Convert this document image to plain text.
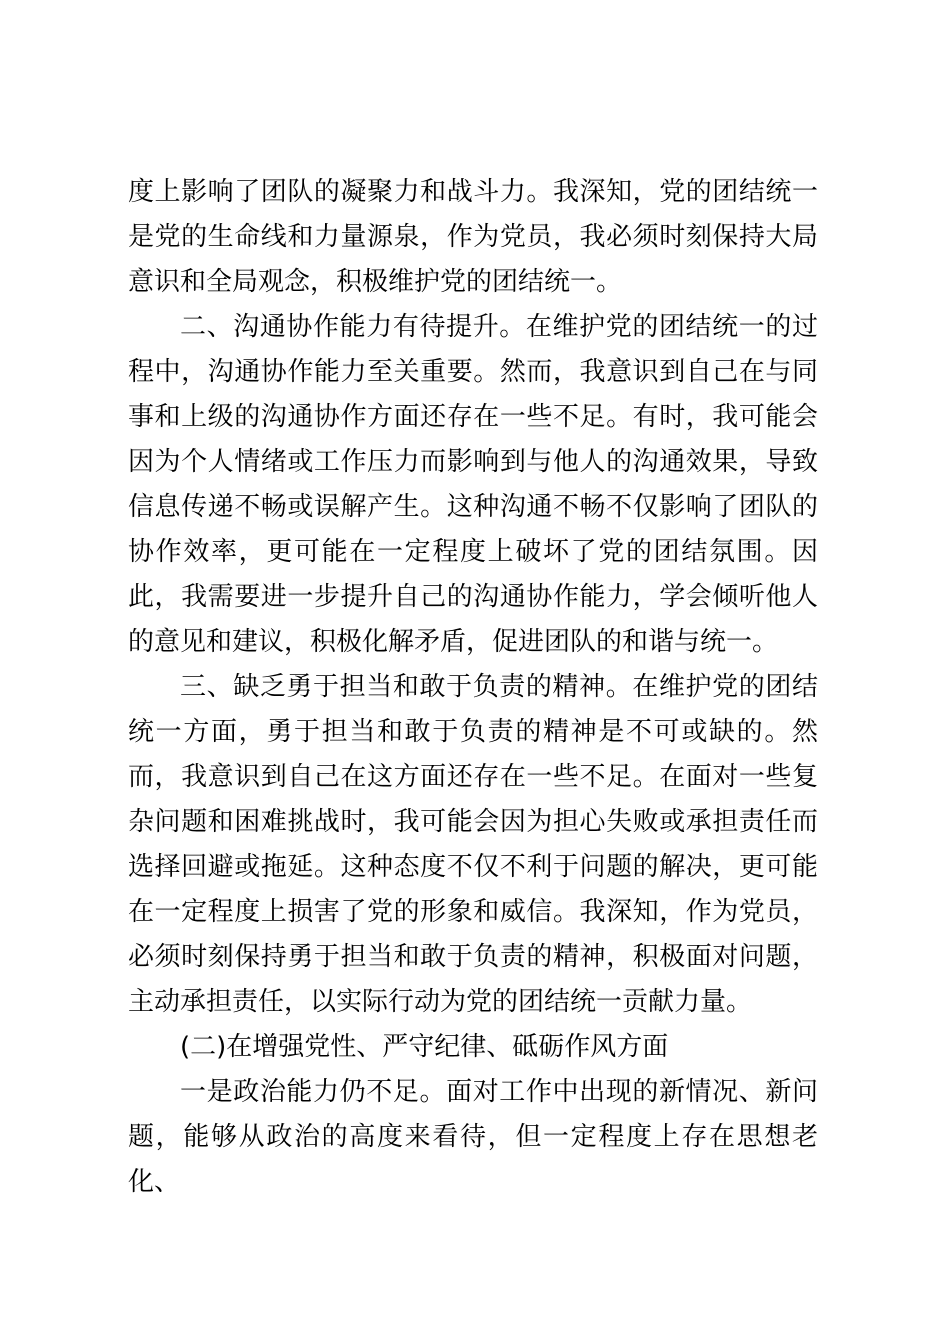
度上影响了团队的凝聚力和战斗力。我深知，党的团结统一是党的生命线和力量源泉，作为党员，我必须时刻保持大局意识和全局观念，积极维护党的团结统一。

二、沟通协作能力有待提升。在维护党的团结统一的过程中，沟通协作能力至关重要。然而，我意识到自己在与同事和上级的沟通协作方面还存在一些不足。有时，我可能会因为个人情绪或工作压力而影响到与他人的沟通效果，导致信息传递不畅或误解产生。这种沟通不畅不仅影响了团队的协作效率，更可能在一定程度上破坏了党的团结氛围。因此，我需要进一步提升自己的沟通协作能力，学会倾听他人的意见和建议，积极化解矛盾，促进团队的和谐与统一。

三、缺乏勇于担当和敢于负责的精神。在维护党的团结统一方面，勇于担当和敢于负责的精神是不可或缺的。然而，我意识到自己在这方面还存在一些不足。在面对一些复杂问题和困难挑战时，我可能会因为担心失败或承担责任而选择回避或拖延。这种态度不仅不利于问题的解决，更可能在一定程度上损害了党的形象和威信。我深知，作为党员，必须时刻保持勇于担当和敢于负责的精神，积极面对问题，主动承担责任，以实际行动为党的团结统一贡献力量。

(二)在增强党性、严守纪律、砥砺作风方面

一是政治能力仍不足。面对工作中出现的新情况、新问题，能够从政治的高度来看待，但一定程度上存在思想老化、
